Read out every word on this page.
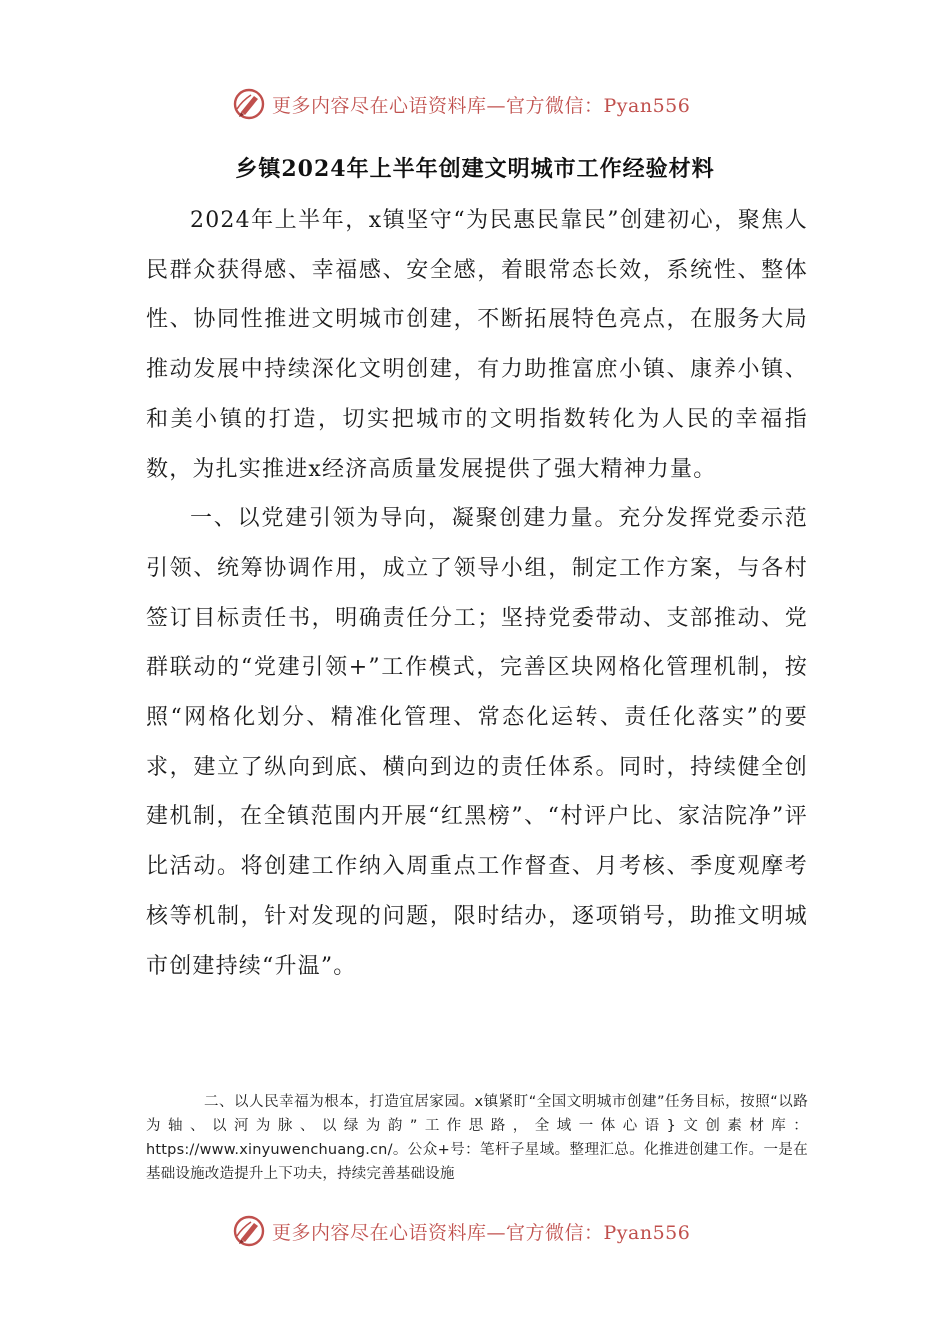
更多内容尽在心语资料库—官方微信：Pyan556
乡镇2024年上半年创建文明城市工作经验材料

2024年上半年，x镇坚守“为民惠民靠民”创建初心，聚焦人民群众获得感、幸福感、安全感，着眼常态长效，系统性、整体性、协同性推进文明城市创建，不断拓展特色亮点，在服务大局推动发展中持续深化文明创建，有力助推富庶小镇、康养小镇、和美小镇的打造，切实把城市的文明指数转化为人民的幸福指数，为扎实推进x经济高质量发展提供了强大精神力量。

一、以党建引领为导向，凝聚创建力量。充分发挥党委示范引领、统筹协调作用，成立了领导小组，制定工作方案，与各村签订目标责任书，明确责任分工；坚持党委带动、支部推动、党群联动的“党建引领+”工作模式，完善区块网格化管理机制，按照“网格化划分、精准化管理、常态化运转、责任化落实”的要求，建立了纵向到底、横向到边的责任体系。同时，持续健全创建机制，在全镇范围内开展“红黑榜”、“村评户比、家洁院净”评比活动。将创建工作纳入周重点工作督查、月考核、季度观摩考核等机制，针对发现的问题，限时结办，逐项销号，助推文明城市创建持续“升温”。

二、以人民幸福为根本，打造宜居家园。x镇紧盯“全国文明城市创建”任务目标，按照“以路为轴、以河为脉、以绿为韵”工作思路，全域一体心语}文创素材库：https://www.xinyuwenchuang.cn/。公众+号：笔杆子星域。整理汇总。化推进创建工作。一是在基础设施改造提升上下功夫，持续完善基础设施

更多内容尽在心语资料库—官方微信：Pyan556
